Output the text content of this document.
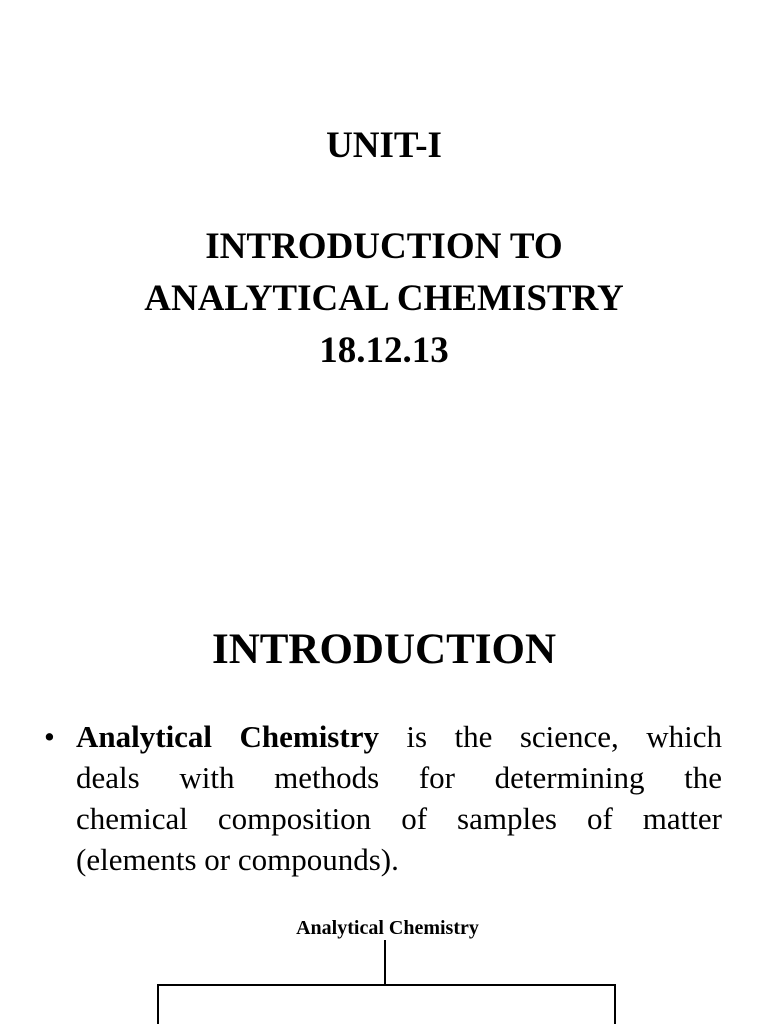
UNIT-I
INTRODUCTION TO
ANALYTICAL CHEMISTRY
18.12.13
INTRODUCTION
• Analytical Chemistry is the science, which
deals with methods for determining the
chemical composition of samples of matter
(elements or compounds).
Analytical Chemistry
